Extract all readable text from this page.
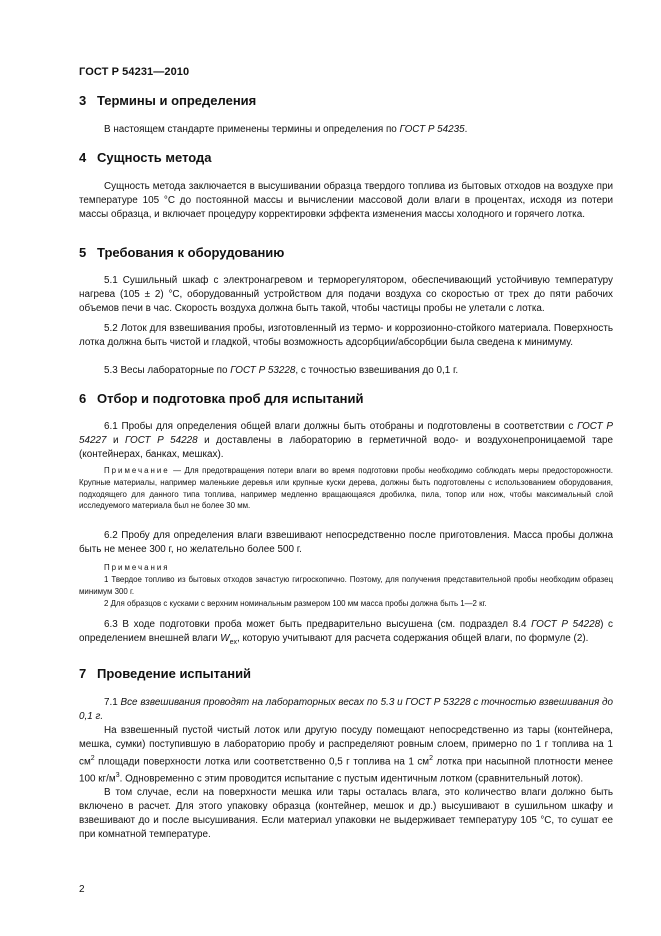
ГОСТ Р 54231—2010
3 Термины и определения

В настоящем стандарте применены термины и определения по ГОСТ Р 54235.

4 Сущность метода

Сущность метода заключается в высушивании образца твердого топлива из бытовых отходов на воздухе при температуре 105 °С до постоянной массы и вычислении массовой доли влаги в процентах, исходя из потери массы образца, и включает процедуру корректировки эффекта изменения массы холодного и горячего лотка.

5 Требования к оборудованию

5.1 Сушильный шкаф с электронагревом и терморегулятором, обеспечивающий устойчивую температуру нагрева (105 ± 2) °С, оборудованный устройством для подачи воздуха со скоростью от трех до пяти рабочих объемов печи в час. Скорость воздуха должна быть такой, чтобы частицы пробы не улетали с лотка.

5.2 Лоток для взвешивания пробы, изготовленный из термо- и коррозионно-стойкого материала. Поверхность лотка должна быть чистой и гладкой, чтобы возможность адсорбции/абсорбции была сведена к минимуму.

5.3 Весы лабораторные по ГОСТ Р 53228, с точностью взвешивания до 0,1 г.

6 Отбор и подготовка проб для испытаний

6.1 Пробы для определения общей влаги должны быть отобраны и подготовлены в соответствии с ГОСТ Р 54227 и ГОСТ Р 54228 и доставлены в лабораторию в герметичной водо- и воздухонепроницаемой таре (контейнерах, банках, мешках).

Примечание — Для предотвращения потери влаги во время подготовки пробы необходимо соблюдать меры предосторожности. Крупные материалы, например маленькие деревья или крупные куски дерева, должны быть подготовлены с использованием оборудования, подходящего для данного типа топлива, например медленно вращающаяся дробилка, пила, топор или нож, чтобы максимальный слой исследуемого материала был не более 30 мм.

6.2 Пробу для определения влаги взвешивают непосредственно после приготовления. Масса пробы должна быть не менее 300 г, но желательно более 500 г.

Примечания

1 Твердое топливо из бытовых отходов зачастую гигроскопично. Поэтому, для получения представительной пробы необходим образец минимум 300 г.

2 Для образцов с кусками с верхним номинальным размером 100 мм масса пробы должна быть 1—2 кг.

6.3 В ходе подготовки проба может быть предварительно высушена (см. подраздел 8.4 ГОСТ Р 54228) с определением внешней влаги $W_{ex}$, которую учитывают для расчета содержания общей влаги, по формуле (2).

7 Проведение испытаний

7.1 Все взвешивания проводят на лабораторных весах по 5.3 и ГОСТ Р 53228 с точностью взвешивания до 0,1 г.

На взвешенный пустой чистый лоток или другую посуду помещают непосредственно из тары (контейнера, мешка, сумки) поступившую в лабораторию пробу и распределяют ровным слоем, примерно по 1 г топлива на 1 $см^2$ площади поверхности лотка или соответственно 0,5 г топлива на 1 $см^2$ лотка при насыпной плотности менее 100 $кг/м^3$. Одновременно с этим проводится испытание с пустым идентичным лотком (сравнительный лоток).

В том случае, если на поверхности мешка или тары осталась влага, это количество влаги должно быть включено в расчет. Для этого упаковку образца (контейнер, мешок и др.) высушивают в сушильном шкафу и взвешивают до и после высушивания. Если материал упаковки не выдерживает температуру 105 °С, то сушат ее при комнатной температуре.

2
